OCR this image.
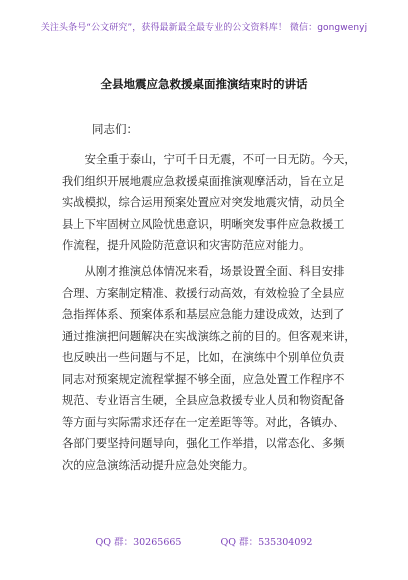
关注头条号“公文研究”，获得最新最全最专业的公文资料库！ 微信：gongwenyj
全县地震应急救援桌面推演结束时的讲话
同志们：
　　安全重于泰山，宁可千日无震，不可一日无防。今天，
我们组织开展地震应急救援桌面推演观摩活动，旨在立足
实战模拟，综合运用预案处置应对突发地震灾情，动员全
县上下牢固树立风险忧患意识，明晰突发事件应急救援工
作流程，提升风险防范意识和灾害防范应对能力。
　　从刚才推演总体情况来看，场景设置全面、科目安排
合理、方案制定精准、救援行动高效，有效检验了全县应
急指挥体系、预案体系和基层应急能力建设成效，达到了
通过推演把问题解决在实战演练之前的目的。但客观来讲，
也反映出一些问题与不足，比如，在演练中个别单位负责
同志对预案规定流程掌握不够全面，应急处置工作程序不
规范、专业语言生硬，全县应急救援专业人员和物资配备
等方面与实际需求还存在一定差距等等。对此，各镇办、
各部门要坚持问题导向，强化工作举措，以常态化、多频
次的应急演练活动提升应急处突能力。
QQ 群：30265665	QQ 群：535304092
